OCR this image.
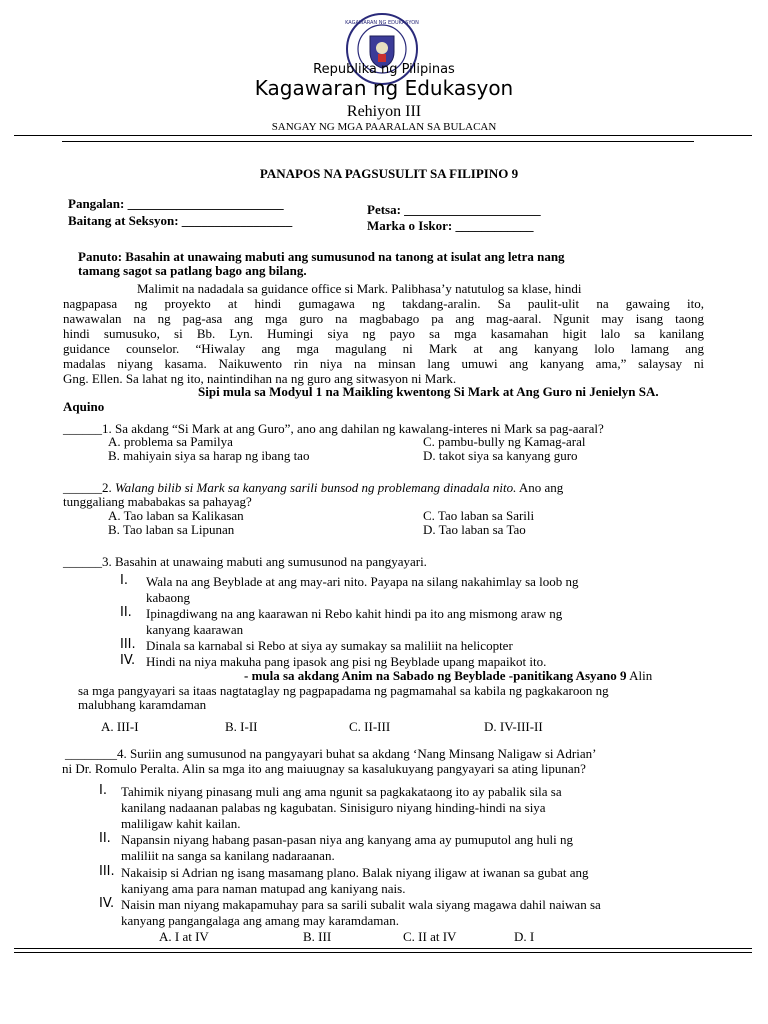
KAGAWARAN NG EDUKASYON
Republika ng Pilipinas
Kagawaran ng Edukasyon
Rehiyon III
SANGAY NG MGA PAARALAN SA BULACAN
PANAPOS NA PAGSUSULIT SA FILIPINO 9
Pangalan: ________________________
Baitang at Seksyon: _________________
Petsa: _____________________
Marka o Iskor: ____________
Panuto: Basahin at unawaing mabuti ang sumusunod na tanong at isulat ang letra nang
tamang sagot sa patlang bago ang bilang.
Malimit na nadadala sa guidance office si Mark. Palibhasa’y natutulog sa klase, hindi
nagpapasa ng proyekto at hindi gumagawa ng takdang-aralin. Sa paulit-ulit na gawaing ito,
nawawalan na ng pag-asa ang mga guro na magbabago pa ang mag-aaral. Ngunit may isang taong
hindi sumusuko, si Bb. Lyn. Humingi siya ng payo sa mga kasamahan higit lalo sa kanilang
guidance counselor. “Hiwalay ang mga magulang ni Mark at ang kanyang lolo lamang ang
madalas niyang kasama. Naikuwento rin niya na minsan lang umuwi ang kanyang ama,” salaysay ni
Gng. Ellen. Sa lahat ng ito, naintindihan na ng guro ang sitwasyon ni Mark.
Sipi mula sa Modyul 1 na Maikling kwentong Si Mark at Ang Guro ni Jenielyn SA.
Aquino
______1. Sa akdang “Si Mark at ang Guro”, ano ang dahilan ng kawalang-interes ni Mark sa pag-aaral?
A. problema sa Pamilya
B. mahiyain siya sa harap ng ibang tao
C. pambu-bully ng Kamag-aral
D. takot siya sa kanyang guro
______2. Walang bilib si Mark sa kanyang sarili bunsod ng problemang dinadala nito. Ano ang
tunggaliang mababakas sa pahayag?
A. Tao laban sa Kalikasan
B. Tao laban sa Lipunan
C. Tao laban sa Sarili
D. Tao laban sa Tao
______3. Basahin at unawaing mabuti ang sumusunod na pangyayari.
I. Wala na ang Beyblade at ang may-ari nito. Payapa na silang nakahimlay sa loob ng
kabaong
II. Ipinagdiwang na ang kaarawan ni Rebo kahit hindi pa ito ang mismong araw ng
kanyang kaarawan
III. Dinala sa karnabal si Rebo at siya ay sumakay sa maliliit na helicopter
IV. Hindi na niya makuha pang ipasok ang pisi ng Beyblade upang mapaikot ito.
- mula sa akdang Anim na Sabado ng Beyblade -panitikang Asyano 9 Alin
sa mga pangyayari sa itaas nagtataglay ng pagpapadama ng pagmamahal sa kabila ng pagkakaroon ng
malubhang karamdaman
A. III-I	B. I-II	C. II-III	D. IV-III-II
________4. Suriin ang sumusunod na pangyayari buhat sa akdang ‘Nang Minsang Naligaw si Adrian’
ni Dr. Romulo Peralta. Alin sa mga ito ang maiuugnay sa kasalukuyang pangyayari sa ating lipunan?
I. Tahimik niyang pinasang muli ang ama ngunit sa pagkakataong ito ay pabalik sila sa
kanilang nadaanan palabas ng kagubatan. Sinisiguro niyang hinding-hindi na siya
maliligaw kahit kailan.
II. Napansin niyang habang pasan-pasan niya ang kanyang ama ay pumuputol ang huli ng
maliliit na sanga sa kanilang nadaraanan.
III. Nakaisip si Adrian ng isang masamang plano. Balak niyang iligaw at iwanan sa gubat ang
kaniyang ama para naman matupad ang kaniyang nais.
IV. Naisin man niyang makapamuhay para sa sarili subalit wala siyang magawa dahil naiwan sa
kanyang pangangalaga ang amang may karamdaman.
A. I at IV	B. III	C. II at IV	D. I
